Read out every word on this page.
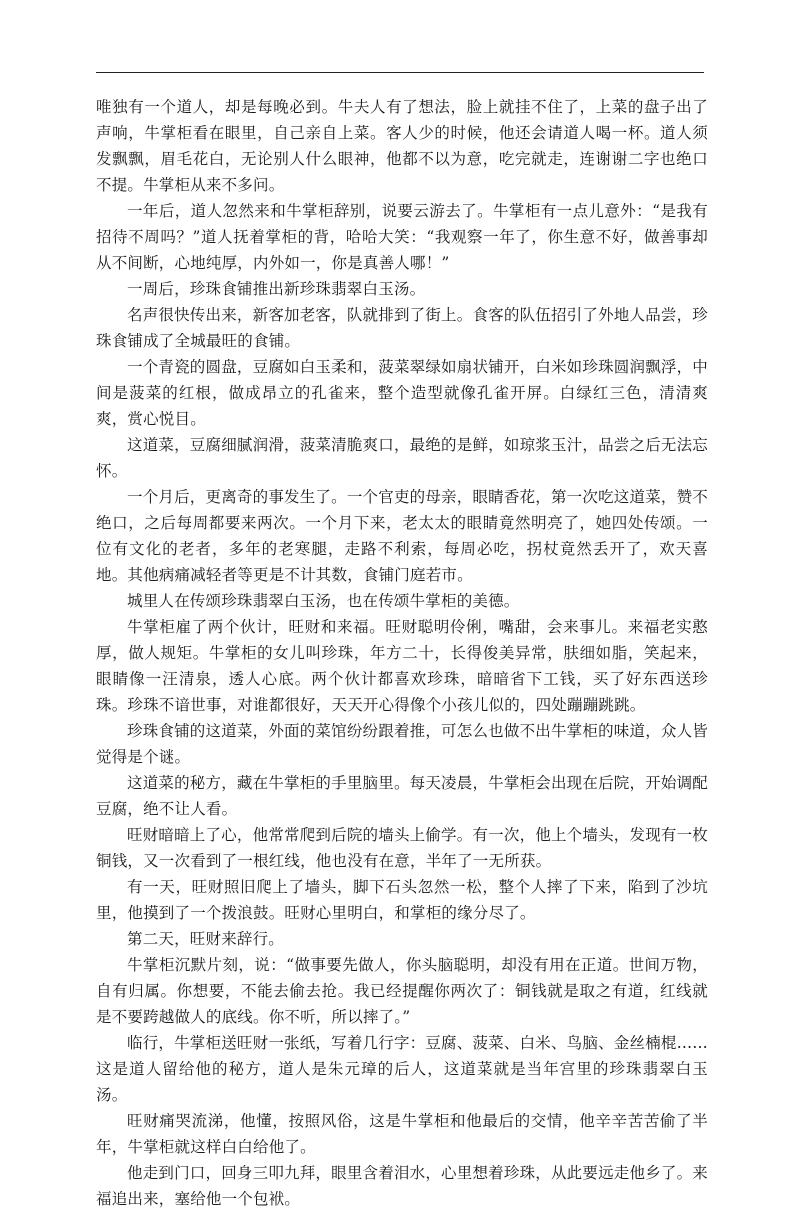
唯独有一个道人，却是每晚必到。牛夫人有了想法，脸上就挂不住了，上菜的盘子出了声响，牛掌柜看在眼里，自己亲自上菜。客人少的时候，他还会请道人喝一杯。道人须发飘飘，眉毛花白，无论别人什么眼神，他都不以为意，吃完就走，连谢谢二字也绝口不提。牛掌柜从来不多问。

一年后，道人忽然来和牛掌柜辞别，说要云游去了。牛掌柜有一点儿意外：“是我有招待不周吗？”道人抚着掌柜的背，哈哈大笑：“我观察一年了，你生意不好，做善事却从不间断，心地纯厚，内外如一，你是真善人哪！”

一周后，珍珠食铺推出新珍珠翡翠白玉汤。

名声很快传出来，新客加老客，队就排到了街上。食客的队伍招引了外地人品尝，珍珠食铺成了全城最旺的食铺。

一个青瓷的圆盘，豆腐如白玉柔和，菠菜翠绿如扇状铺开，白米如珍珠圆润飘浮，中间是菠菜的红根，做成昂立的孔雀来，整个造型就像孔雀开屏。白绿红三色，清清爽爽，赏心悦目。

这道菜，豆腐细腻润滑，菠菜清脆爽口，最绝的是鲜，如琼浆玉汁，品尝之后无法忘怀。

一个月后，更离奇的事发生了。一个官吏的母亲，眼睛香花，第一次吃这道菜，赞不绝口，之后每周都要来两次。一个月下来，老太太的眼睛竟然明亮了，她四处传颂。一位有文化的老者，多年的老寒腿，走路不利索，每周必吃，拐杖竟然丢开了，欢天喜地。其他病痛减轻者等更是不计其数，食铺门庭若市。

城里人在传颂珍珠翡翠白玉汤，也在传颂牛掌柜的美德。

牛掌柜雇了两个伙计，旺财和来福。旺财聪明伶俐，嘴甜，会来事儿。来福老实憨厚，做人规矩。牛掌柜的女儿叫珍珠，年方二十，长得俊美异常，肤细如脂，笑起来，眼睛像一汪清泉，透人心底。两个伙计都喜欢珍珠，暗暗省下工钱，买了好东西送珍珠。珍珠不谙世事，对谁都很好，天天开心得像个小孩儿似的，四处蹦蹦跳跳。

珍珠食铺的这道菜，外面的菜馆纷纷跟着推，可怎么也做不出牛掌柜的味道，众人皆觉得是个谜。

这道菜的秘方，藏在牛掌柜的手里脑里。每天凌晨，牛掌柜会出现在后院，开始调配豆腐，绝不让人看。

旺财暗暗上了心，他常常爬到后院的墙头上偷学。有一次，他上个墙头，发现有一枚铜钱，又一次看到了一根红线，他也没有在意，半年了一无所获。

有一天，旺财照旧爬上了墙头，脚下石头忽然一松，整个人摔了下来，陷到了沙坑里，他摸到了一个拨浪鼓。旺财心里明白，和掌柜的缘分尽了。

第二天，旺财来辞行。

牛掌柜沉默片刻，说：“做事要先做人，你头脑聪明，却没有用在正道。世间万物，自有归属。你想要，不能去偷去抢。我已经提醒你两次了：铜钱就是取之有道，红线就是不要跨越做人的底线。你不听，所以摔了。”

临行，牛掌柜送旺财一张纸，写着几行字：豆腐、菠菜、白米、鸟脑、金丝楠棍……这是道人留给他的秘方，道人是朱元璋的后人，这道菜就是当年宫里的珍珠翡翠白玉汤。

旺财痛哭流涕，他懂，按照风俗，这是牛掌柜和他最后的交情，他辛辛苦苦偷了半年，牛掌柜就这样白白给他了。

他走到门口，回身三叩九拜，眼里含着泪水，心里想着珍珠，从此要远走他乡了。来福追出来，塞给他一个包袱。
